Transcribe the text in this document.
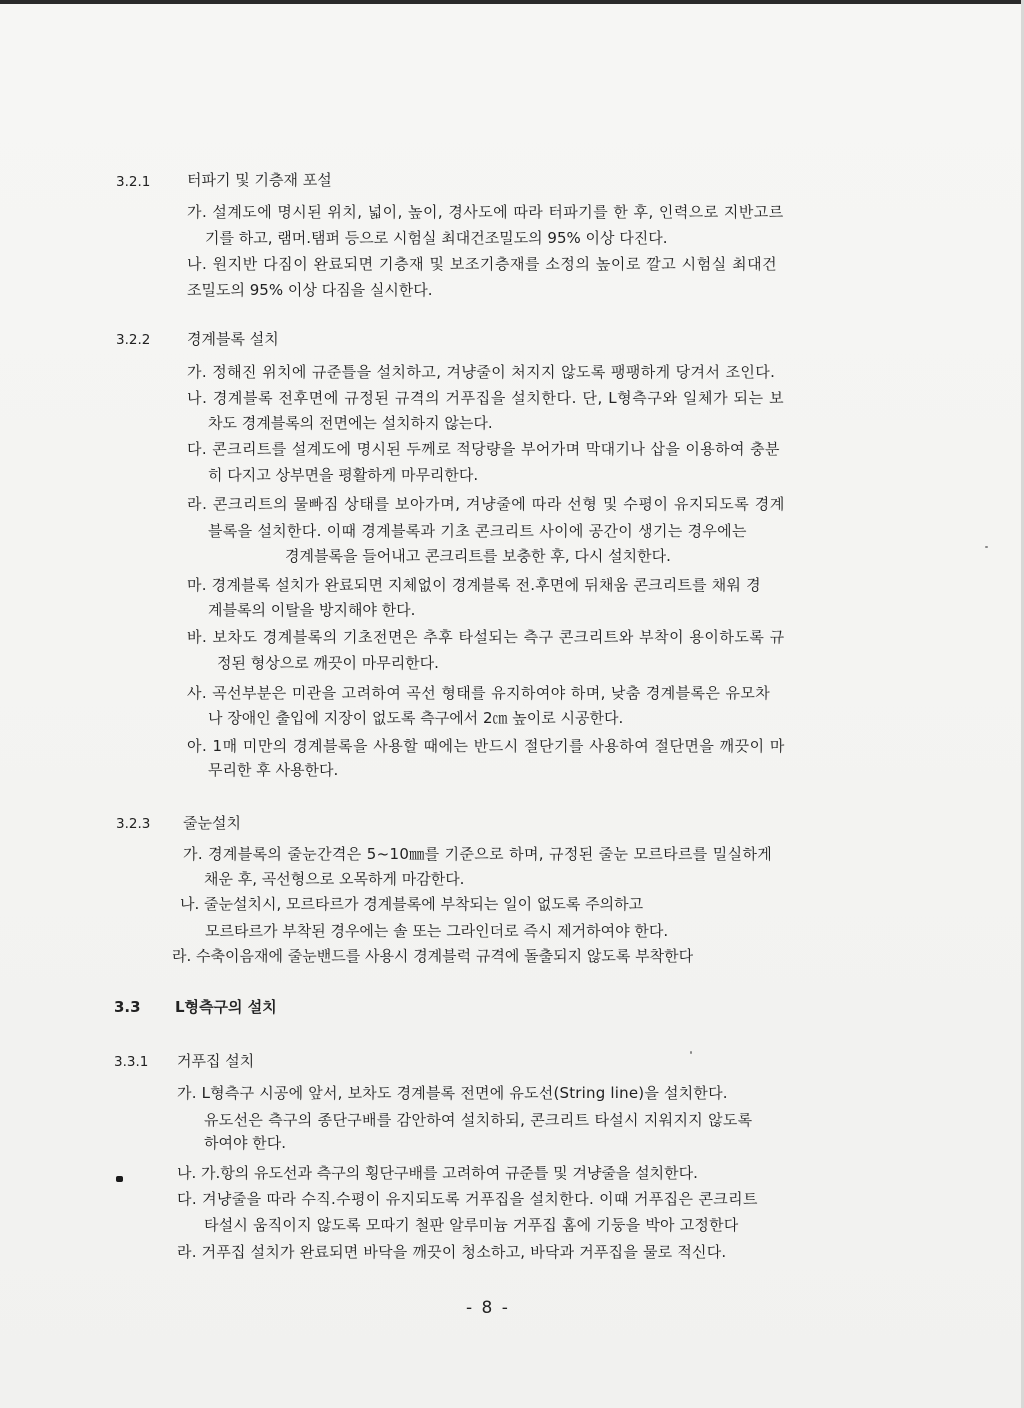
3.2.1 터파기 및 기층재 포설
가. 설계도에 명시된 위치, 넓이, 높이, 경사도에 따라 터파기를 한 후, 인력으로 지반고르
기를 하고, 램머.탬퍼 등으로 시험실 최대건조밀도의 95% 이상 다진다.
나. 원지반 다짐이 완료되면 기층재 및 보조기층재를 소정의 높이로 깔고 시험실 최대건
조밀도의 95% 이상 다짐을 실시한다.
3.2.2 경계블록 설치
가. 정해진 위치에 규준틀을 설치하고, 겨냥줄이 처지지 않도록 팽팽하게 당겨서 조인다.
나. 경계블록 전후면에 규정된 규격의 거푸집을 설치한다. 단, L형측구와 일체가 되는 보
차도 경계블록의 전면에는 설치하지 않는다.
다. 콘크리트를 설계도에 명시된 두께로 적당량을 부어가며 막대기나 삽을 이용하여 충분
히 다지고 상부면을 평활하게 마무리한다.
라. 콘크리트의 물빠짐 상태를 보아가며, 겨냥줄에 따라 선형 및 수평이 유지되도록 경계
블록을 설치한다. 이때 경계블록과 기초 콘크리트 사이에 공간이 생기는 경우에는
경계블록을 들어내고 콘크리트를 보충한 후, 다시 설치한다.
마. 경계블록 설치가 완료되면 지체없이 경계블록 전.후면에 뒤채움 콘크리트를 채워 경
계블록의 이탈을 방지해야 한다.
바. 보차도 경계블록의 기초전면은 추후 타설되는 측구 콘크리트와 부착이 용이하도록 규
정된 형상으로 깨끗이 마무리한다.
사. 곡선부분은 미관을 고려하여 곡선 형태를 유지하여야 하며, 낮춤 경계블록은 유모차
나 장애인 출입에 지장이 없도록 측구에서 2㎝ 높이로 시공한다.
아. 1매 미만의 경계블록을 사용할 때에는 반드시 절단기를 사용하여 절단면을 깨끗이 마
무리한 후 사용한다.
3.2.3 줄눈설치
가. 경계블록의 줄눈간격은 5~10㎜를 기준으로 하며, 규정된 줄눈 모르타르를 밀실하게
채운 후, 곡선형으로 오목하게 마감한다.
나. 줄눈설치시, 모르타르가 경계블록에 부착되는 일이 없도록 주의하고
모르타르가 부착된 경우에는 솔 또는 그라인더로 즉시 제거하여야 한다.
라. 수축이음재에 줄눈밴드를 사용시 경계블럭 규격에 돌출되지 않도록 부착한다
3.3 L형측구의 설치
3.3.1 거푸집 설치
가. L형측구 시공에 앞서, 보차도 경계블록 전면에 유도선(String line)을 설치한다.
유도선은 측구의 종단구배를 감안하여 설치하되, 콘크리트 타설시 지워지지 않도록
하여야 한다.
나. 가.항의 유도선과 측구의 횡단구배를 고려하여 규준틀 및 겨냥줄을 설치한다.
다. 겨냥줄을 따라 수직.수평이 유지되도록 거푸집을 설치한다. 이때 거푸집은 콘크리트
타설시 움직이지 않도록 모따기 철판 알루미늄 거푸집 홈에 기둥을 박아 고정한다
라. 거푸집 설치가 완료되면 바닥을 깨끗이 청소하고, 바닥과 거푸집을 물로 적신다.
- 8 -
